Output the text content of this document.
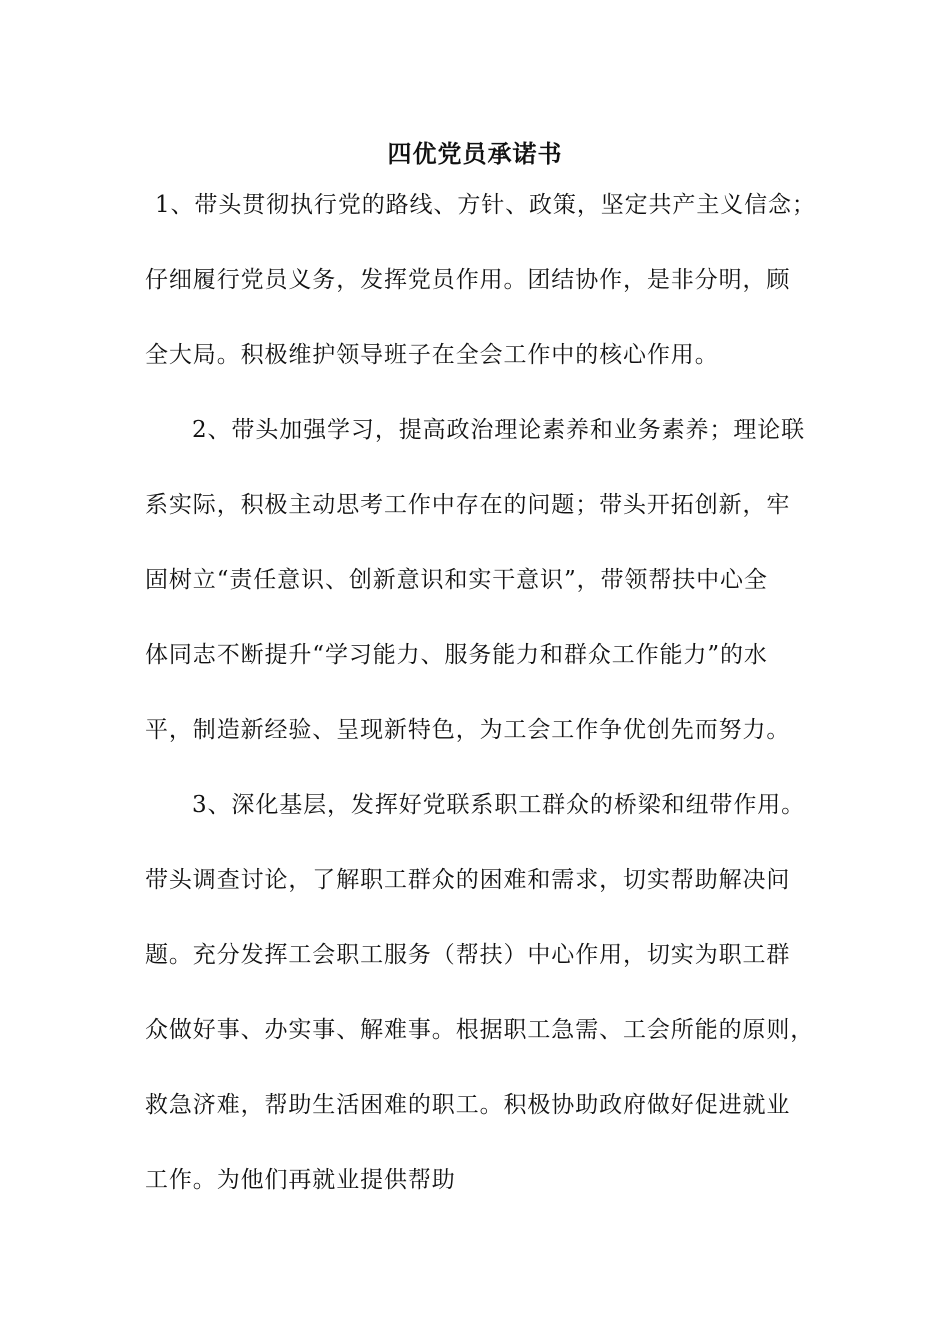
四优党员承诺书
1、带头贯彻执行党的路线、方针、政策，坚定共产主义信念；
仔细履行党员义务，发挥党员作用。团结协作，是非分明，顾
全大局。积极维护领导班子在全会工作中的核心作用。
2、带头加强学习，提高政治理论素养和业务素养；理论联
系实际，积极主动思考工作中存在的问题；带头开拓创新，牢
固树立“责任意识、创新意识和实干意识”，带领帮扶中心全
体同志不断提升“学习能力、服务能力和群众工作能力”的水
平，制造新经验、呈现新特色，为工会工作争优创先而努力。
3、深化基层，发挥好党联系职工群众的桥梁和纽带作用。
带头调查讨论，了解职工群众的困难和需求，切实帮助解决问
题。充分发挥工会职工服务（帮扶）中心作用，切实为职工群
众做好事、办实事、解难事。根据职工急需、工会所能的原则，
救急济难，帮助生活困难的职工。积极协助政府做好促进就业
工作。为他们再就业提供帮助
